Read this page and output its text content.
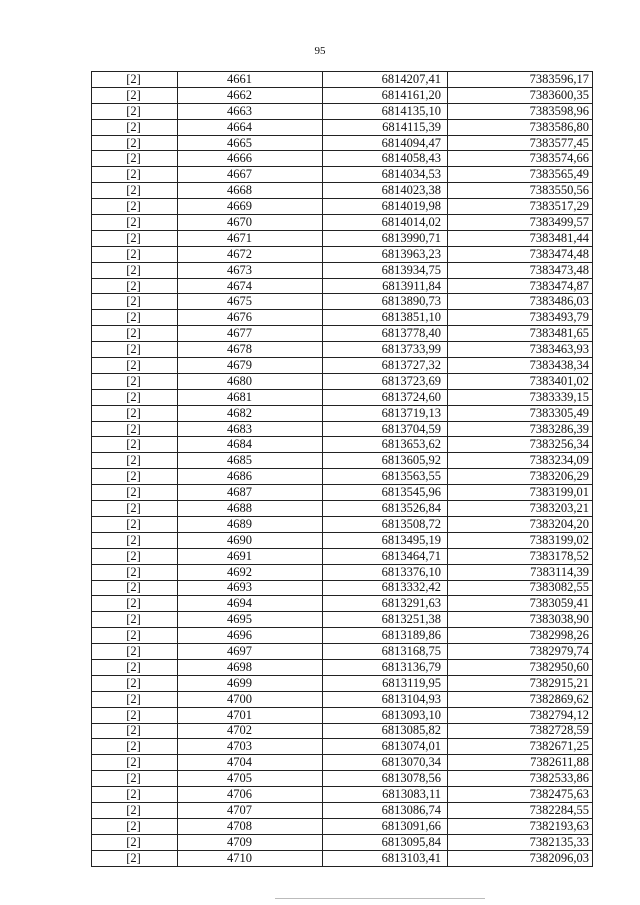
95
[2]	4661	6814207,41	7383596,17
[2]	4662	6814161,20	7383600,35
[2]	4663	6814135,10	7383598,96
[2]	4664	6814115,39	7383586,80
[2]	4665	6814094,47	7383577,45
[2]	4666	6814058,43	7383574,66
[2]	4667	6814034,53	7383565,49
[2]	4668	6814023,38	7383550,56
[2]	4669	6814019,98	7383517,29
[2]	4670	6814014,02	7383499,57
[2]	4671	6813990,71	7383481,44
[2]	4672	6813963,23	7383474,48
[2]	4673	6813934,75	7383473,48
[2]	4674	6813911,84	7383474,87
[2]	4675	6813890,73	7383486,03
[2]	4676	6813851,10	7383493,79
[2]	4677	6813778,40	7383481,65
[2]	4678	6813733,99	7383463,93
[2]	4679	6813727,32	7383438,34
[2]	4680	6813723,69	7383401,02
[2]	4681	6813724,60	7383339,15
[2]	4682	6813719,13	7383305,49
[2]	4683	6813704,59	7383286,39
[2]	4684	6813653,62	7383256,34
[2]	4685	6813605,92	7383234,09
[2]	4686	6813563,55	7383206,29
[2]	4687	6813545,96	7383199,01
[2]	4688	6813526,84	7383203,21
[2]	4689	6813508,72	7383204,20
[2]	4690	6813495,19	7383199,02
[2]	4691	6813464,71	7383178,52
[2]	4692	6813376,10	7383114,39
[2]	4693	6813332,42	7383082,55
[2]	4694	6813291,63	7383059,41
[2]	4695	6813251,38	7383038,90
[2]	4696	6813189,86	7382998,26
[2]	4697	6813168,75	7382979,74
[2]	4698	6813136,79	7382950,60
[2]	4699	6813119,95	7382915,21
[2]	4700	6813104,93	7382869,62
[2]	4701	6813093,10	7382794,12
[2]	4702	6813085,82	7382728,59
[2]	4703	6813074,01	7382671,25
[2]	4704	6813070,34	7382611,88
[2]	4705	6813078,56	7382533,86
[2]	4706	6813083,11	7382475,63
[2]	4707	6813086,74	7382284,55
[2]	4708	6813091,66	7382193,63
[2]	4709	6813095,84	7382135,33
[2]	4710	6813103,41	7382096,03
